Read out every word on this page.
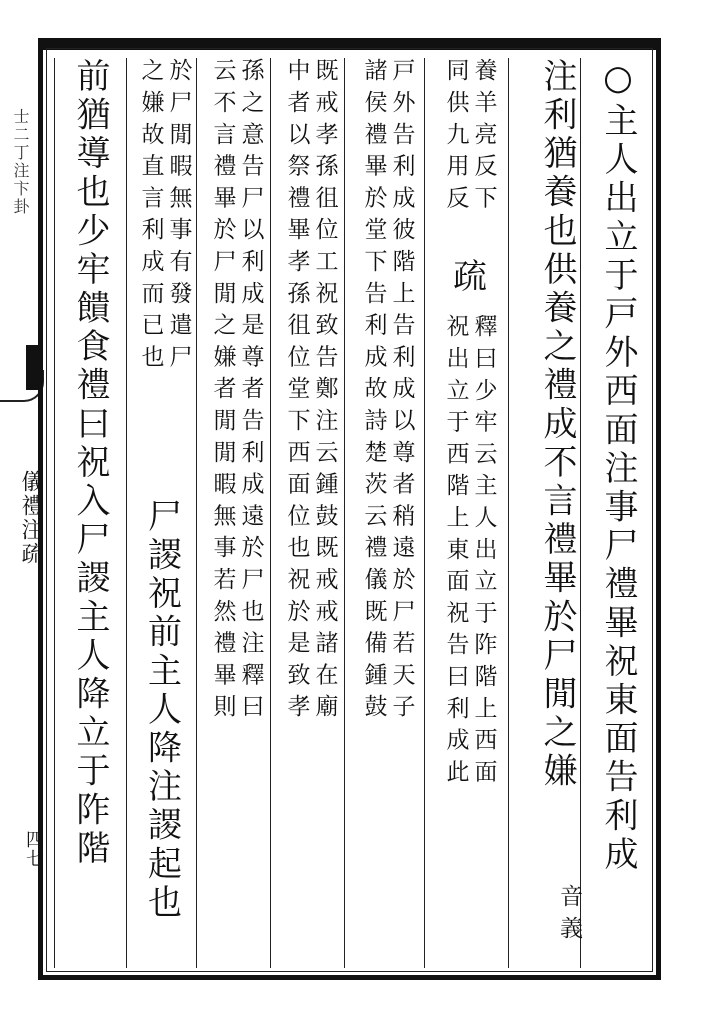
士二丁注卞卦
儀禮注疏
四七	○主人出立于戸外西面注事尸禮畢祝東面告利成
注利猶養也供養之禮成不言禮畢於尸閒之嫌
音義
養羊亮反下
同供九用反
疏
釋曰少牢云主人出立于阼階上西面
祝出立于西階上東面祝告曰利成此
戸外告利成彼階上告利成以尊者稍遠於尸若天子
諸侯禮畢於堂下告利成故詩楚茨云禮儀既備鍾鼓
既戒孝孫徂位工祝致告鄭注云鍾鼓既戒戒諸在廟
中者以祭禮畢孝孫徂位堂下西面位也祝於是致孝
孫之意告尸以利成是尊者告利成遠於尸也注釋曰
云不言禮畢於尸閒之嫌者閒閒暇無事若然禮畢則
於尸閒暇無事有發遣尸
之嫌故直言利成而已也
尸謖祝前主人降注謖起也
前猶導也少牢饋食禮曰祝入尸謖主人降立于阼階
